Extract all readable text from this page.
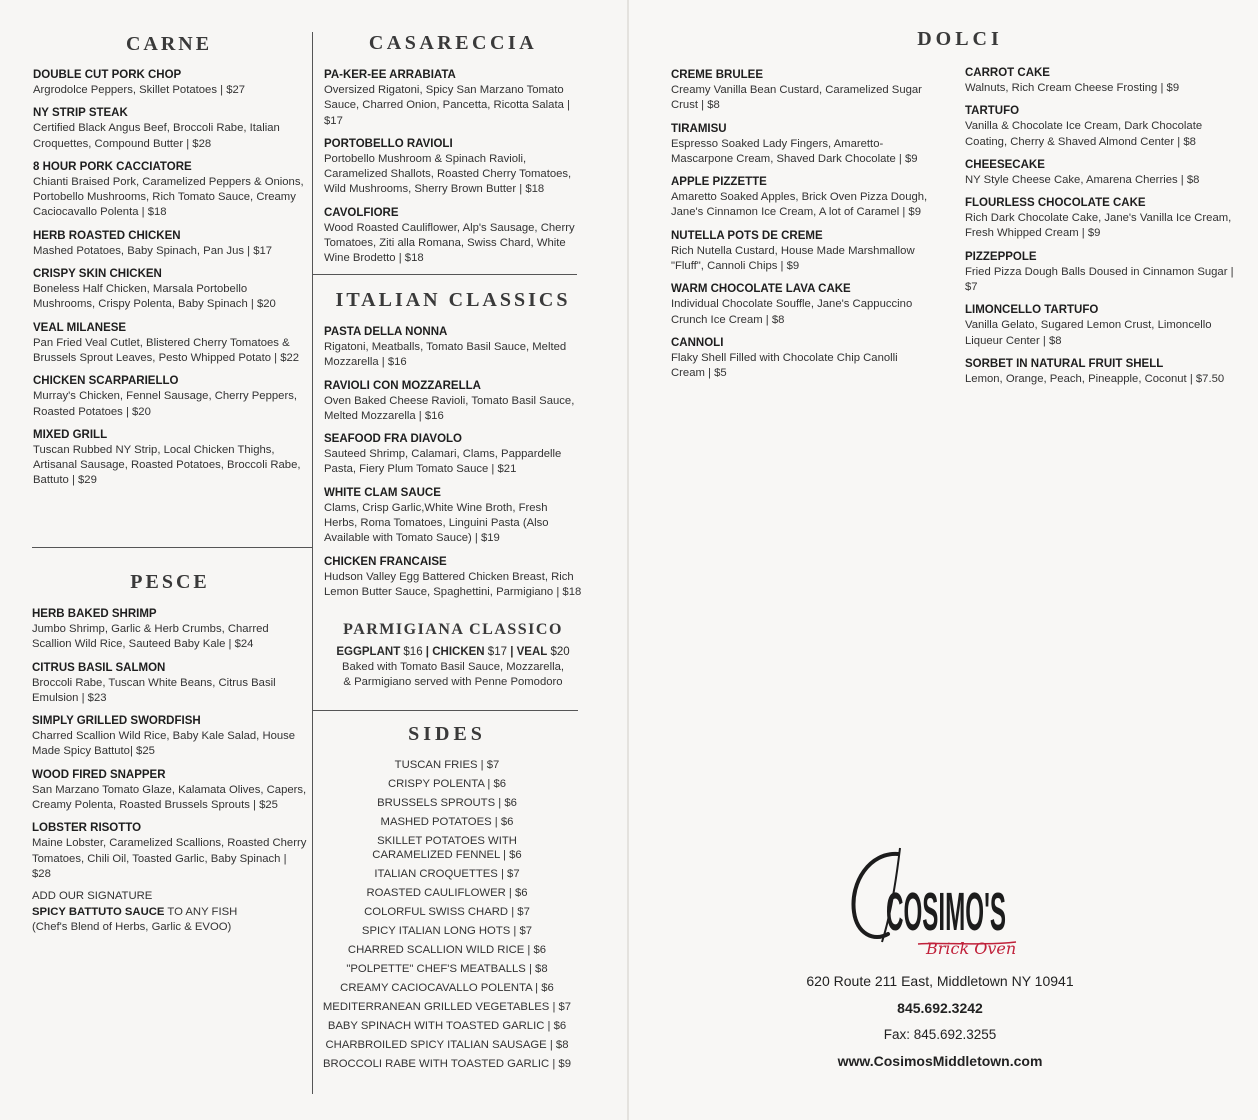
CARNE
DOUBLE CUT PORK CHOP
Argrodolce Peppers, Skillet Potatoes | $27
NY STRIP STEAK
Certified Black Angus Beef, Broccoli Rabe, Italian Croquettes, Compound Butter | $28
8 HOUR PORK CACCIATORE
Chianti Braised Pork, Caramelized Peppers & Onions, Portobello Mushrooms, Rich Tomato Sauce, Creamy Caciocavallo Polenta | $18
HERB ROASTED CHICKEN
Mashed Potatoes, Baby Spinach, Pan Jus | $17
CRISPY SKIN CHICKEN
Boneless Half Chicken, Marsala Portobello Mushrooms, Crispy Polenta, Baby Spinach | $20
VEAL MILANESE
Pan Fried Veal Cutlet, Blistered Cherry Tomatoes & Brussels Sprout Leaves, Pesto Whipped Potato | $22
CHICKEN SCARPARIELLO
Murray's Chicken, Fennel Sausage, Cherry Peppers, Roasted Potatoes | $20
MIXED GRILL
Tuscan Rubbed NY Strip, Local Chicken Thighs, Artisanal Sausage, Roasted Potatoes, Broccoli Rabe, Battuto | $29
PESCE
HERB BAKED SHRIMP
Jumbo Shrimp, Garlic & Herb Crumbs, Charred Scallion Wild Rice, Sauteed Baby Kale | $24
CITRUS BASIL SALMON
Broccoli Rabe, Tuscan White Beans, Citrus Basil Emulsion | $23
SIMPLY GRILLED SWORDFISH
Charred Scallion Wild Rice, Baby Kale Salad, House Made Spicy Battuto| $25
WOOD FIRED SNAPPER
San Marzano Tomato Glaze, Kalamata Olives, Capers, Creamy Polenta, Roasted Brussels Sprouts | $25
LOBSTER RISOTTO
Maine Lobster, Caramelized Scallions, Roasted Cherry Tomatoes, Chili Oil, Toasted Garlic, Baby Spinach | $28
ADD OUR SIGNATURE
SPICY BATTUTO SAUCE TO ANY FISH
(Chef's Blend of Herbs, Garlic & EVOO)
CASARECCIA
PA-KER-EE ARRABIATA
Oversized Rigatoni, Spicy San Marzano Tomato Sauce, Charred Onion, Pancetta, Ricotta Salata | $17
PORTOBELLO RAVIOLI
Portobello Mushroom & Spinach Ravioli, Caramelized Shallots, Roasted Cherry Tomatoes, Wild Mushrooms, Sherry Brown Butter | $18
CAVOLFIORE
Wood Roasted Cauliflower, Alp's Sausage, Cherry Tomatoes, Ziti alla Romana, Swiss Chard, White Wine Brodetto | $18
ITALIAN CLASSICS
PASTA DELLA NONNA
Rigatoni, Meatballs, Tomato Basil Sauce, Melted Mozzarella | $16
RAVIOLI CON MOZZARELLA
Oven Baked Cheese Ravioli, Tomato Basil Sauce, Melted Mozzarella | $16
SEAFOOD FRA DIAVOLO
Sauteed Shrimp, Calamari, Clams, Pappardelle Pasta, Fiery Plum Tomato Sauce | $21
WHITE CLAM SAUCE
Clams, Crisp Garlic,White Wine Broth, Fresh Herbs, Roma Tomatoes, Linguini Pasta (Also Available with Tomato Sauce) | $19
CHICKEN FRANCAISE
Hudson Valley Egg Battered Chicken Breast, Rich Lemon Butter Sauce, Spaghettini, Parmigiano | $18
PARMIGIANA CLASSICO
EGGPLANT $16 | CHICKEN $17 | VEAL $20
Baked with Tomato Basil Sauce, Mozzarella,
& Parmigiano served with Penne Pomodoro
SIDES
TUSCAN FRIES | $7
CRISPY POLENTA | $6
BRUSSELS SPROUTS | $6
MASHED POTATOES | $6
SKILLET POTATOES WITH CARAMELIZED FENNEL | $6
ITALIAN CROQUETTES | $7
ROASTED CAULIFLOWER | $6
COLORFUL SWISS CHARD | $7
SPICY ITALIAN LONG HOTS | $7
CHARRED SCALLION WILD RICE | $6
"POLPETTE" CHEF'S MEATBALLS | $8
CREAMY CACIOCAVALLO POLENTA | $6
MEDITERRANEAN GRILLED VEGETABLES | $7
BABY SPINACH WITH TOASTED GARLIC | $6
CHARBROILED SPICY ITALIAN SAUSAGE | $8
BROCCOLI RABE WITH TOASTED GARLIC | $9
DOLCI
CREME BRULEE
Creamy Vanilla Bean Custard, Caramelized Sugar Crust | $8
TIRAMISU
Espresso Soaked Lady Fingers, Amaretto-Mascarpone Cream, Shaved Dark Chocolate | $9
APPLE PIZZETTE
Amaretto Soaked Apples, Brick Oven Pizza Dough, Jane's Cinnamon Ice Cream, A lot of Caramel | $9
NUTELLA POTS DE CREME
Rich Nutella Custard, House Made Marshmallow "Fluff", Cannoli Chips | $9
WARM CHOCOLATE LAVA CAKE
Individual Chocolate Souffle, Jane's Cappuccino Crunch Ice Cream | $8
CANNOLI
Flaky Shell Filled with Chocolate Chip Canolli Cream | $5
CARROT CAKE
Walnuts, Rich Cream Cheese Frosting | $9
TARTUFO
Vanilla & Chocolate Ice Cream, Dark Chocolate Coating, Cherry & Shaved Almond Center | $8
CHEESECAKE
NY Style Cheese Cake, Amarena Cherries | $8
FLOURLESS CHOCOLATE CAKE
Rich Dark Chocolate Cake, Jane's Vanilla Ice Cream, Fresh Whipped Cream | $9
PIZZEPPOLE
Fried Pizza Dough Balls Doused in Cinnamon Sugar | $7
LIMONCELLO TARTUFO
Vanilla Gelato, Sugared Lemon Crust, Limoncello Liqueur Center | $8
SORBET IN NATURAL FRUIT SHELL
Lemon, Orange, Peach, Pineapple, Coconut | $7.50
COSIMO'S
Brick Oven
620 Route 211 East, Middletown NY 10941
845.692.3242
Fax: 845.692.3255
www.CosimosMiddletown.com
